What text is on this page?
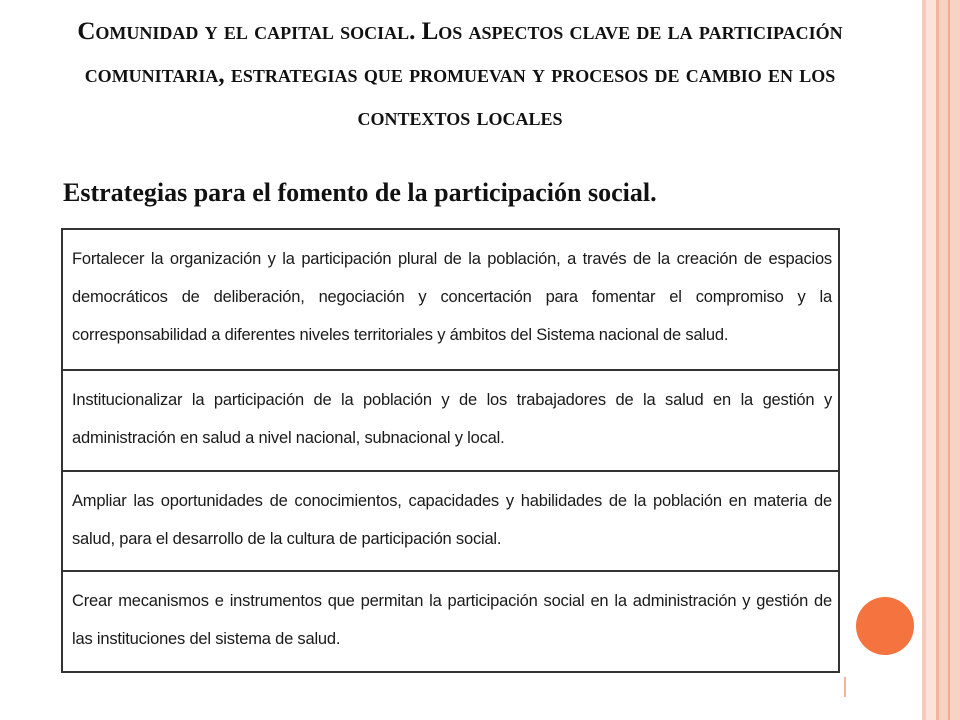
Comunidad y el capital social. Los aspectos clave de la participación comunitaria, estrategias que promuevan y procesos de cambio en los contextos locales
Estrategias para el fomento de la participación social.

Fortalecer la organización y la participación plural de la población, a través de la creación de espacios democráticos de deliberación, negociación y concertación para fomentar el compromiso y la corresponsabilidad a diferentes niveles territoriales y ámbitos del Sistema nacional de salud.

Institucionalizar la participación de la población y de los trabajadores de la salud en la gestión y administración en salud a nivel nacional, subnacional y local.

Ampliar las oportunidades de conocimientos, capacidades y habilidades de la población en materia de salud, para el desarrollo de la cultura de participación social.

Crear mecanismos e instrumentos que permitan la participación social en la administración y gestión de las instituciones del sistema de salud.
